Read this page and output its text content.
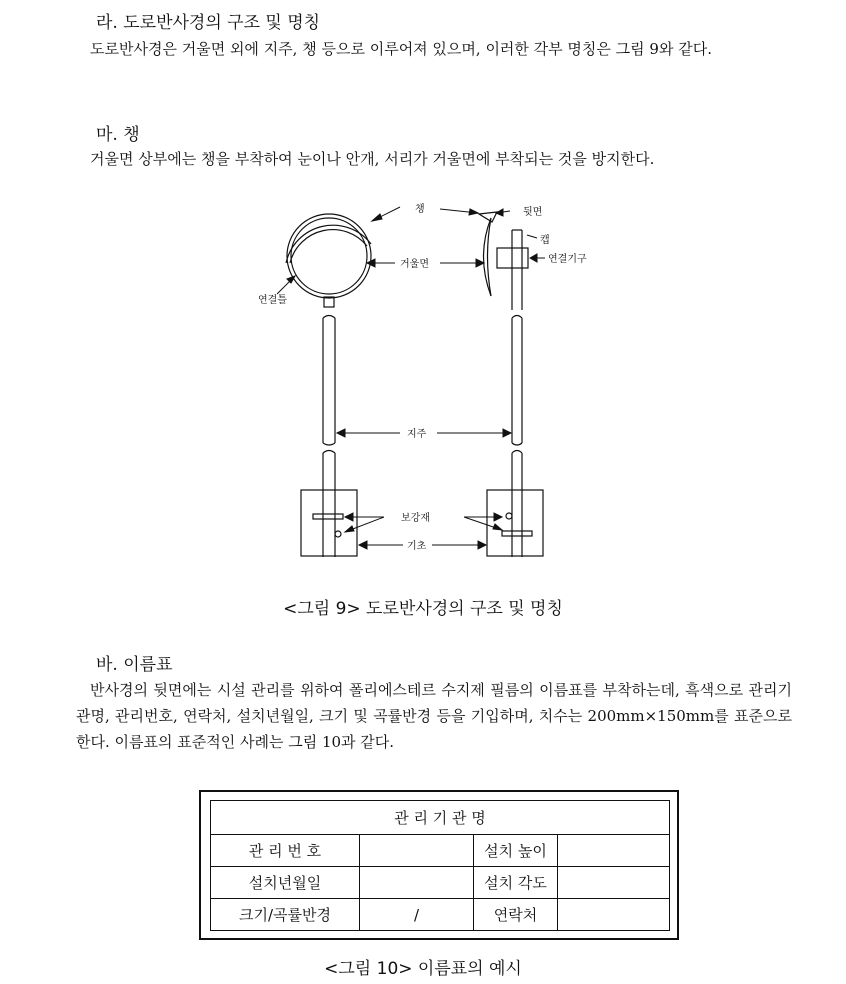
라. 도로반사경의 구조 및 명칭

도로반사경은 거울면 외에 지주, 챙 등으로 이루어져 있으며, 이러한 각부 명칭은 그림 9와 같다.

마. 챙

거울면 상부에는 챙을 부착하여 눈이나 안개, 서리가 거울면에 부착되는 것을 방지한다.

챙	뒷면
캡
거울면	연결기구
연결틀
지주
보강재
기초

<그림 9> 도로반사경의 구조 및 명칭

바. 이름표

반사경의 뒷면에는 시설 관리를 위하여 폴리에스테르 수지제 필름의 이름표를 부착하는데, 흑색으로 관리기관명, 관리번호, 연락처, 설치년월일, 크기 및 곡률반경 등을 기입하며, 치수는 200mm×150mm를 표준으로 한다. 이름표의 표준적인 사례는 그림 10과 같다.

관 리 기 관 명			
관 리 번 호		설치 높이	
설치년월일		설치 각도	
크기/곡률반경	/	연락처	

<그림 10> 이름표의 예시
